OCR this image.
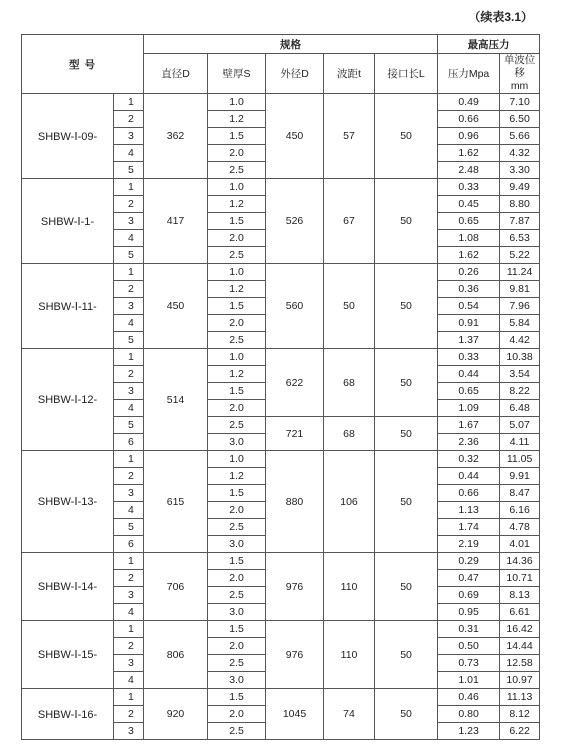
（续表3.1）
型 号		规格					最高压力	
		直径D	壁厚S	外径D	波距t	接口长L	压力Mpa	单波位移
mm
SHBW-Ⅰ-09-	1	362	1.0	450	57	50	0.49	7.10
	2		1.2				0.66	6.50
	3		1.5				0.96	5.66
	4		2.0				1.62	4.32
	5		2.5				2.48	3.30
SHBW-Ⅰ-1-	1	417	1.0	526	67	50	0.33	9.49
	2		1.2				0.45	8.80
	3		1.5				0.65	7.87
	4		2.0				1.08	6.53
	5		2.5				1.62	5.22
SHBW-Ⅰ-11-	1	450	1.0	560	50	50	0.26	11.24
	2		1.2				0.36	9.81
	3		1.5				0.54	7.96
	4		2.0				0.91	5.84
	5		2.5				1.37	4.42
SHBW-Ⅰ-12-	1	514	1.0	622	68	50	0.33	10.38
	2		1.2				0.44	3.54
	3		1.5				0.65	8.22
	4		2.0				1.09	6.48
	5		2.5	721	68	50	1.67	5.07
	6		3.0				2.36	4.11
SHBW-Ⅰ-13-	1	615	1.0	880	106	50	0.32	11.05
	2		1.2				0.44	9.91
	3		1.5				0.66	8.47
	4		2.0				1.13	6.16
	5		2.5				1.74	4.78
	6		3.0				2.19	4.01
SHBW-Ⅰ-14-	1	706	1.5	976	110	50	0.29	14.36
	2		2.0				0.47	10.71
	3		2.5				0.69	8.13
	4		3.0				0.95	6.61
SHBW-Ⅰ-15-	1	806	1.5	976	110	50	0.31	16.42
	2		2.0				0.50	14.44
	3		2.5				0.73	12.58
	4		3.0				1.01	10.97
SHBW-Ⅰ-16-	1	920	1.5	1045	74	50	0.46	11.13
	2		2.0				0.80	8.12
	3		2.5				1.23	6.22
